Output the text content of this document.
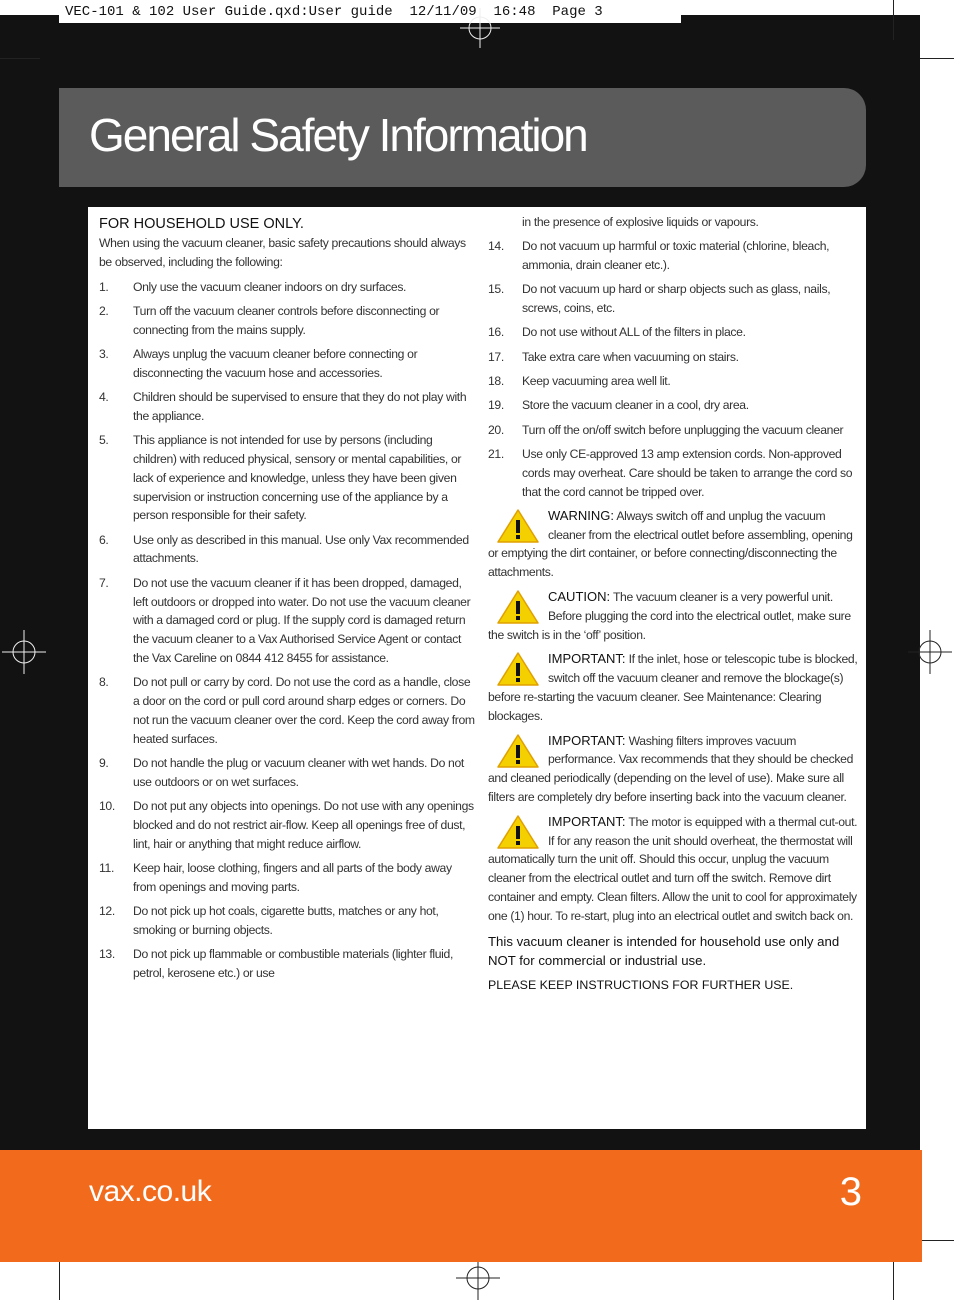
VEC-101 & 102 User Guide.qxd:User guide  12/11/09  16:48  Page 3
General Safety Information

FOR HOUSEHOLD USE ONLY.

When using the vacuum cleaner, basic safety precautions should always be observed, including the following:

1.	Only use the vacuum cleaner indoors on dry surfaces.
2.	Turn off the vacuum cleaner controls before disconnecting or connecting from the mains supply.
3.	Always unplug the vacuum cleaner before connecting or disconnecting the vacuum hose and accessories.
4.	Children should be supervised to ensure that they do not play with the appliance.
5.	This appliance is not intended for use by persons (including children) with reduced physical, sensory or mental capabilities, or lack of experience and knowledge, unless they have been given supervision or instruction concerning use of the appliance by a person responsible for their safety.
6.	Use only as described in this manual. Use only Vax recommended attachments.
7.	Do not use the vacuum cleaner if it has been dropped, damaged, left outdoors or dropped into water. Do not use the vacuum cleaner with a damaged cord or plug. If the supply cord is damaged return the vacuum cleaner to a Vax Authorised Service Agent or contact the Vax Careline on 0844 412 8455 for assistance.
8.	Do not pull or carry by cord. Do not use the cord as a handle, close a door on the cord or pull cord around sharp edges or corners. Do not run the vacuum cleaner over the cord. Keep the cord away from heated surfaces.
9.	Do not handle the plug or vacuum cleaner with wet hands. Do not use outdoors or on wet surfaces.
10.	Do not put any objects into openings. Do not use with any openings blocked and do not restrict air-flow. Keep all openings free of dust, lint, hair or anything that might reduce airflow.
11.	Keep hair, loose clothing, fingers and all parts of the body away from openings and moving parts.
12.	Do not pick up hot coals, cigarette butts, matches or any hot, smoking or burning objects.
13.	Do not pick up flammable or combustible materials (lighter fluid, petrol, kerosene etc.) or use
in the presence of explosive liquids or vapours.
14.	Do not vacuum up harmful or toxic material (chlorine, bleach, ammonia, drain cleaner etc.).
15.	Do not vacuum up hard or sharp objects such as glass, nails, screws, coins, etc.
16.	Do not use without ALL of the filters in place.
17.	Take extra care when vacuuming on stairs.
18.	Keep vacuuming area well lit.
19.	Store the vacuum cleaner in a cool, dry area.
20.	Turn off the on/off switch before unplugging the vacuum cleaner
21.	Use only CE-approved 13 amp extension cords. Non-approved cords may overheat. Care should be taken to arrange the cord so that the cord cannot be tripped over.

WARNING: Always switch off and unplug the vacuum cleaner from the electrical outlet before assembling, opening or emptying the dirt container, or before connecting/disconnecting the attachments.

CAUTION: The vacuum cleaner is a very powerful unit. Before plugging the cord into the electrical outlet, make sure the switch is in the ‘off’ position.

IMPORTANT: If the inlet, hose or telescopic tube is blocked, switch off the vacuum cleaner and remove the blockage(s) before re-starting the vacuum cleaner. See Maintenance: Clearing blockages.

IMPORTANT: Washing filters improves vacuum performance. Vax recommends that they should be checked and cleaned periodically (depending on the level of use). Make sure all filters are completely dry before inserting back into the vacuum cleaner.

IMPORTANT: The motor is equipped with a thermal cut-out. If for any reason the unit should overheat, the thermostat will automatically turn the unit off. Should this occur, unplug the vacuum cleaner from the electrical outlet and turn off the switch. Remove dirt container and empty. Clean filters. Allow the unit to cool for approximately one (1) hour. To re-start, plug into an electrical outlet and switch back on.

This vacuum cleaner is intended for household use only and NOT for commercial or industrial use.

PLEASE KEEP INSTRUCTIONS FOR FURTHER USE.

vax.co.uk	3
